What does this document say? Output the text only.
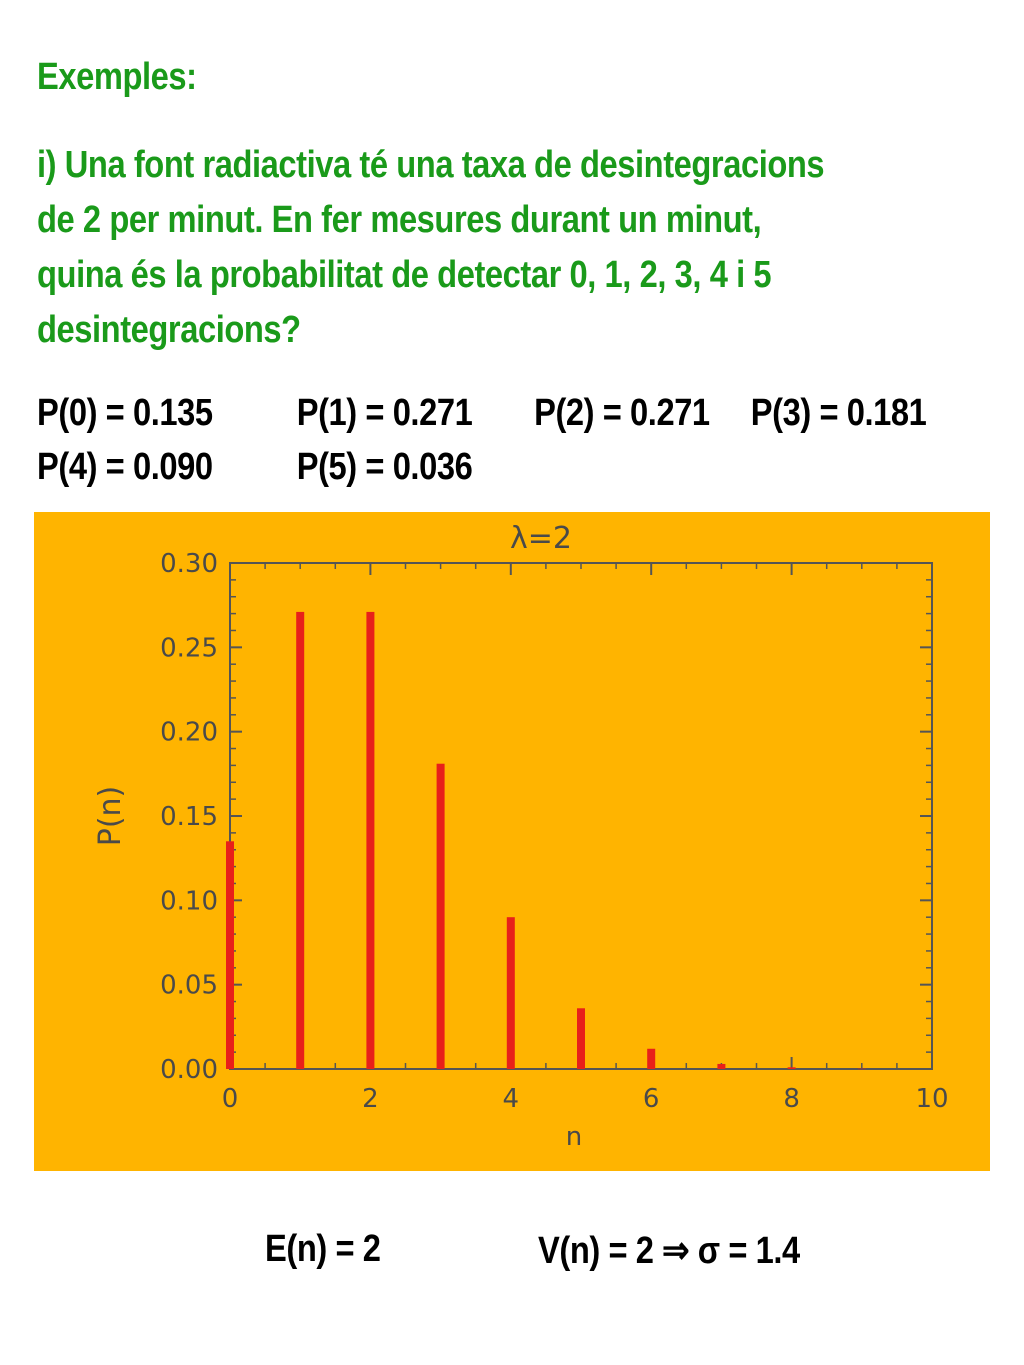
Exemples:
i) Una font radiactiva té una taxa de desintegracions
de 2 per minut. En fer mesures durant un minut,
quina és la probabilitat de detectar 0, 1, 2, 3, 4 i 5
desintegracions?
P(0) = 0.135 P(1) = 0.271 P(2) = 0.271 P(3) = 0.181
P(4) = 0.090 P(5) = 0.036
0	2	4	6	8	10
0.00
0.05
0.10
0.15
0.20
0.25
0.30
λ=2
n
P(n)
E(n) = 2	V(n) = 2 ⇒ σ = 1.4
